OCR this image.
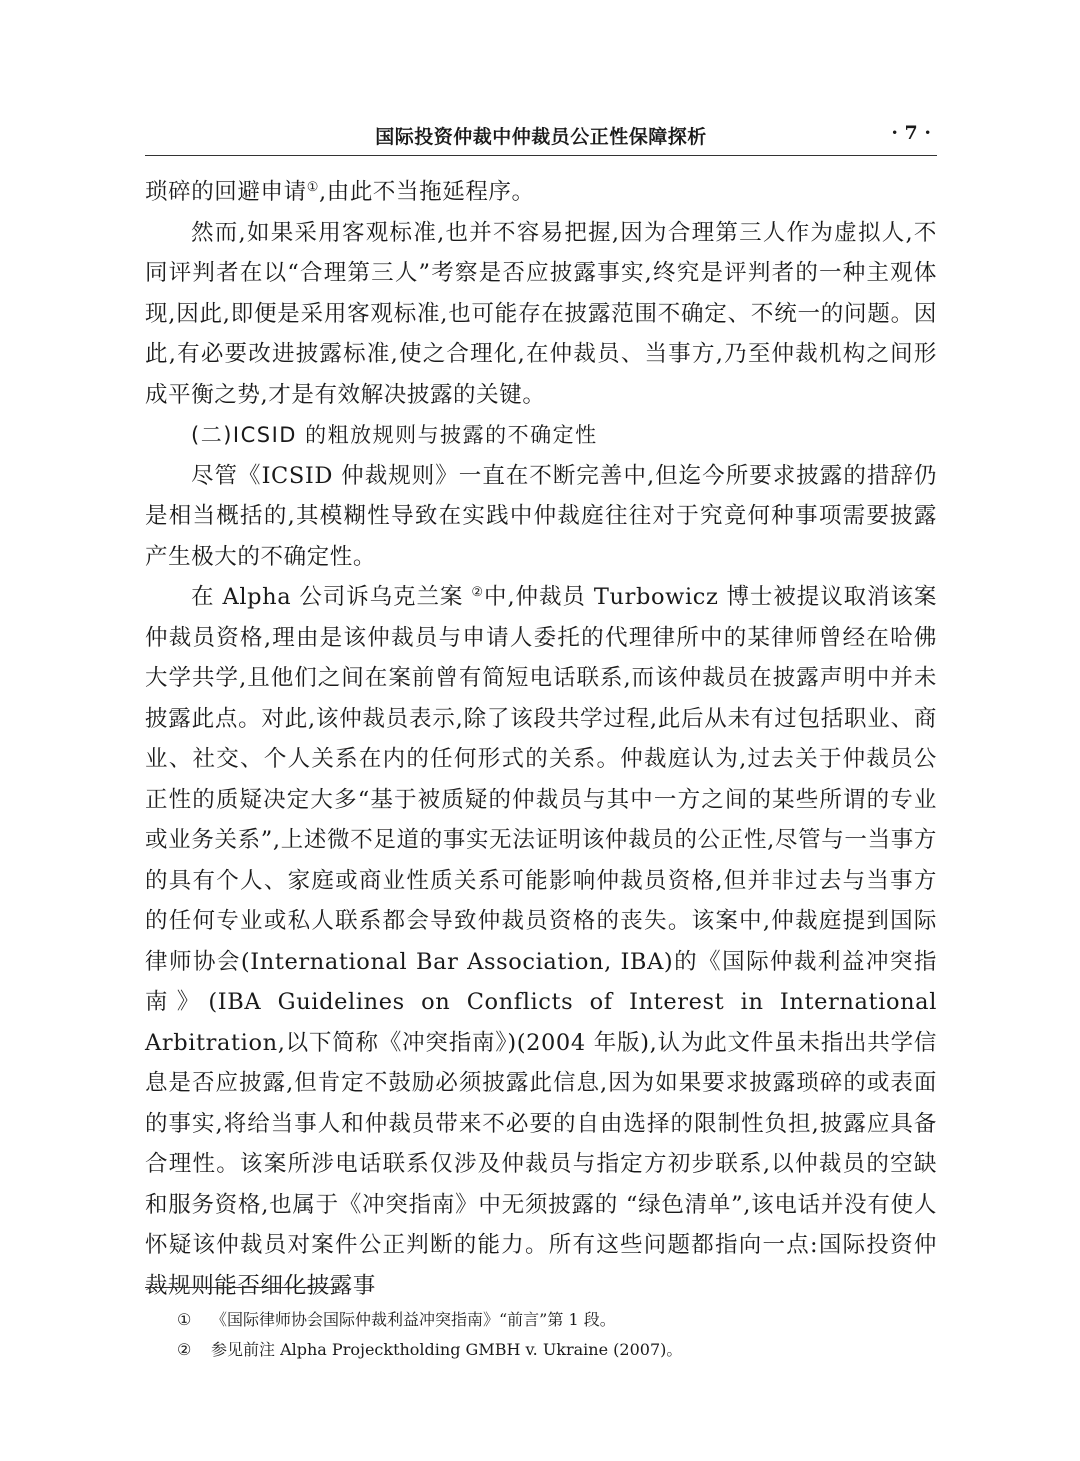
国际投资仲裁中仲裁员公正性保障探析	· 7 ·

琐碎的回避申请①,由此不当拖延程序。

然而,如果采用客观标准,也并不容易把握,因为合理第三人作为虚拟人,不同评判者在以“合理第三人”考察是否应披露事实,终究是评判者的一种主观体现,因此,即便是采用客观标准,也可能存在披露范围不确定、不统一的问题。因此,有必要改进披露标准,使之合理化,在仲裁员、当事方,乃至仲裁机构之间形成平衡之势,才是有效解决披露的关键。

(二)ICSID 的粗放规则与披露的不确定性

尽管《ICSID 仲裁规则》一直在不断完善中,但迄今所要求披露的措辞仍是相当概括的,其模糊性导致在实践中仲裁庭往往对于究竟何种事项需要披露产生极大的不确定性。

在 Alpha 公司诉乌克兰案 ②中,仲裁员 Turbowicz 博士被提议取消该案仲裁员资格,理由是该仲裁员与申请人委托的代理律所中的某律师曾经在哈佛大学共学,且他们之间在案前曾有简短电话联系,而该仲裁员在披露声明中并未披露此点。对此,该仲裁员表示,除了该段共学过程,此后从未有过包括职业、商业、社交、个人关系在内的任何形式的关系。仲裁庭认为,过去关于仲裁员公正性的质疑决定大多“基于被质疑的仲裁员与其中一方之间的某些所谓的专业或业务关系”,上述微不足道的事实无法证明该仲裁员的公正性,尽管与一当事方的具有个人、家庭或商业性质关系可能影响仲裁员资格,但并非过去与当事方的任何专业或私人联系都会导致仲裁员资格的丧失。该案中,仲裁庭提到国际律师协会(International Bar Association, IBA)的《国际仲裁利益冲突指南》(IBA Guidelines on Conflicts of Interest in International Arbitration,以下简称《冲突指南》)(2004 年版),认为此文件虽未指出共学信息是否应披露,但肯定不鼓励必须披露此信息,因为如果要求披露琐碎的或表面的事实,将给当事人和仲裁员带来不必要的自由选择的限制性负担,披露应具备合理性。该案所涉电话联系仅涉及仲裁员与指定方初步联系,以仲裁员的空缺和服务资格,也属于《冲突指南》中无须披露的 “绿色清单”,该电话并没有使人怀疑该仲裁员对案件公正判断的能力。所有这些问题都指向一点:国际投资仲裁规则能否细化披露事

① 《国际律师协会国际仲裁利益冲突指南》“前言”第 1 段。
② 参见前注 Alpha Projecktholding GMBH v. Ukraine (2007)。
